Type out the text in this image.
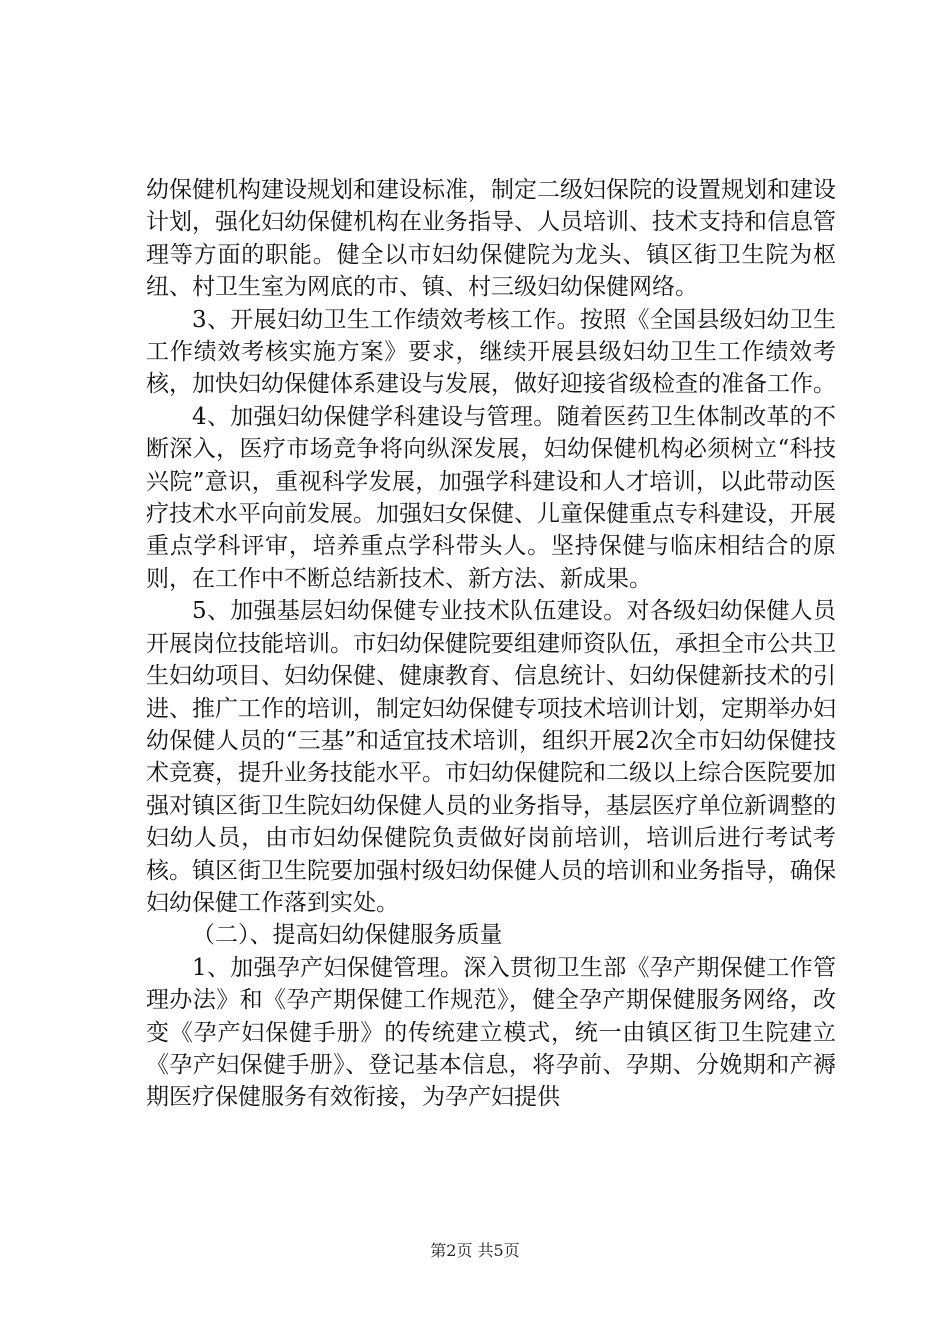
幼保健机构建设规划和建设标准，制定二级妇保院的设置规划和建设计划，强化妇幼保健机构在业务指导、人员培训、技术支持和信息管理等方面的职能。健全以市妇幼保健院为龙头、镇区街卫生院为枢纽、村卫生室为网底的市、镇、村三级妇幼保健网络。

3、开展妇幼卫生工作绩效考核工作。按照《全国县级妇幼卫生工作绩效考核实施方案》要求，继续开展县级妇幼卫生工作绩效考核，加快妇幼保健体系建设与发展，做好迎接省级检查的准备工作。

4、加强妇幼保健学科建设与管理。随着医药卫生体制改革的不断深入，医疗市场竞争将向纵深发展，妇幼保健机构必须树立“科技兴院”意识，重视科学发展，加强学科建设和人才培训，以此带动医疗技术水平向前发展。加强妇女保健、儿童保健重点专科建设，开展重点学科评审，培养重点学科带头人。坚持保健与临床相结合的原则，在工作中不断总结新技术、新方法、新成果。

5、加强基层妇幼保健专业技术队伍建设。对各级妇幼保健人员开展岗位技能培训。市妇幼保健院要组建师资队伍，承担全市公共卫生妇幼项目、妇幼保健、健康教育、信息统计、妇幼保健新技术的引进、推广工作的培训，制定妇幼保健专项技术培训计划，定期举办妇幼保健人员的“三基”和适宜技术培训，组织开展2次全市妇幼保健技术竞赛，提升业务技能水平。市妇幼保健院和二级以上综合医院要加强对镇区街卫生院妇幼保健人员的业务指导，基层医疗单位新调整的妇幼人员，由市妇幼保健院负责做好岗前培训，培训后进行考试考核。镇区街卫生院要加强村级妇幼保健人员的培训和业务指导，确保妇幼保健工作落到实处。

（二）、提高妇幼保健服务质量

1、加强孕产妇保健管理。深入贯彻卫生部《孕产期保健工作管理办法》和《孕产期保健工作规范》，健全孕产期保健服务网络，改变《孕产妇保健手册》的传统建立模式，统一由镇区街卫生院建立《孕产妇保健手册》、登记基本信息，将孕前、孕期、分娩期和产褥期医疗保健服务有效衔接，为孕产妇提供

第2页 共5页
